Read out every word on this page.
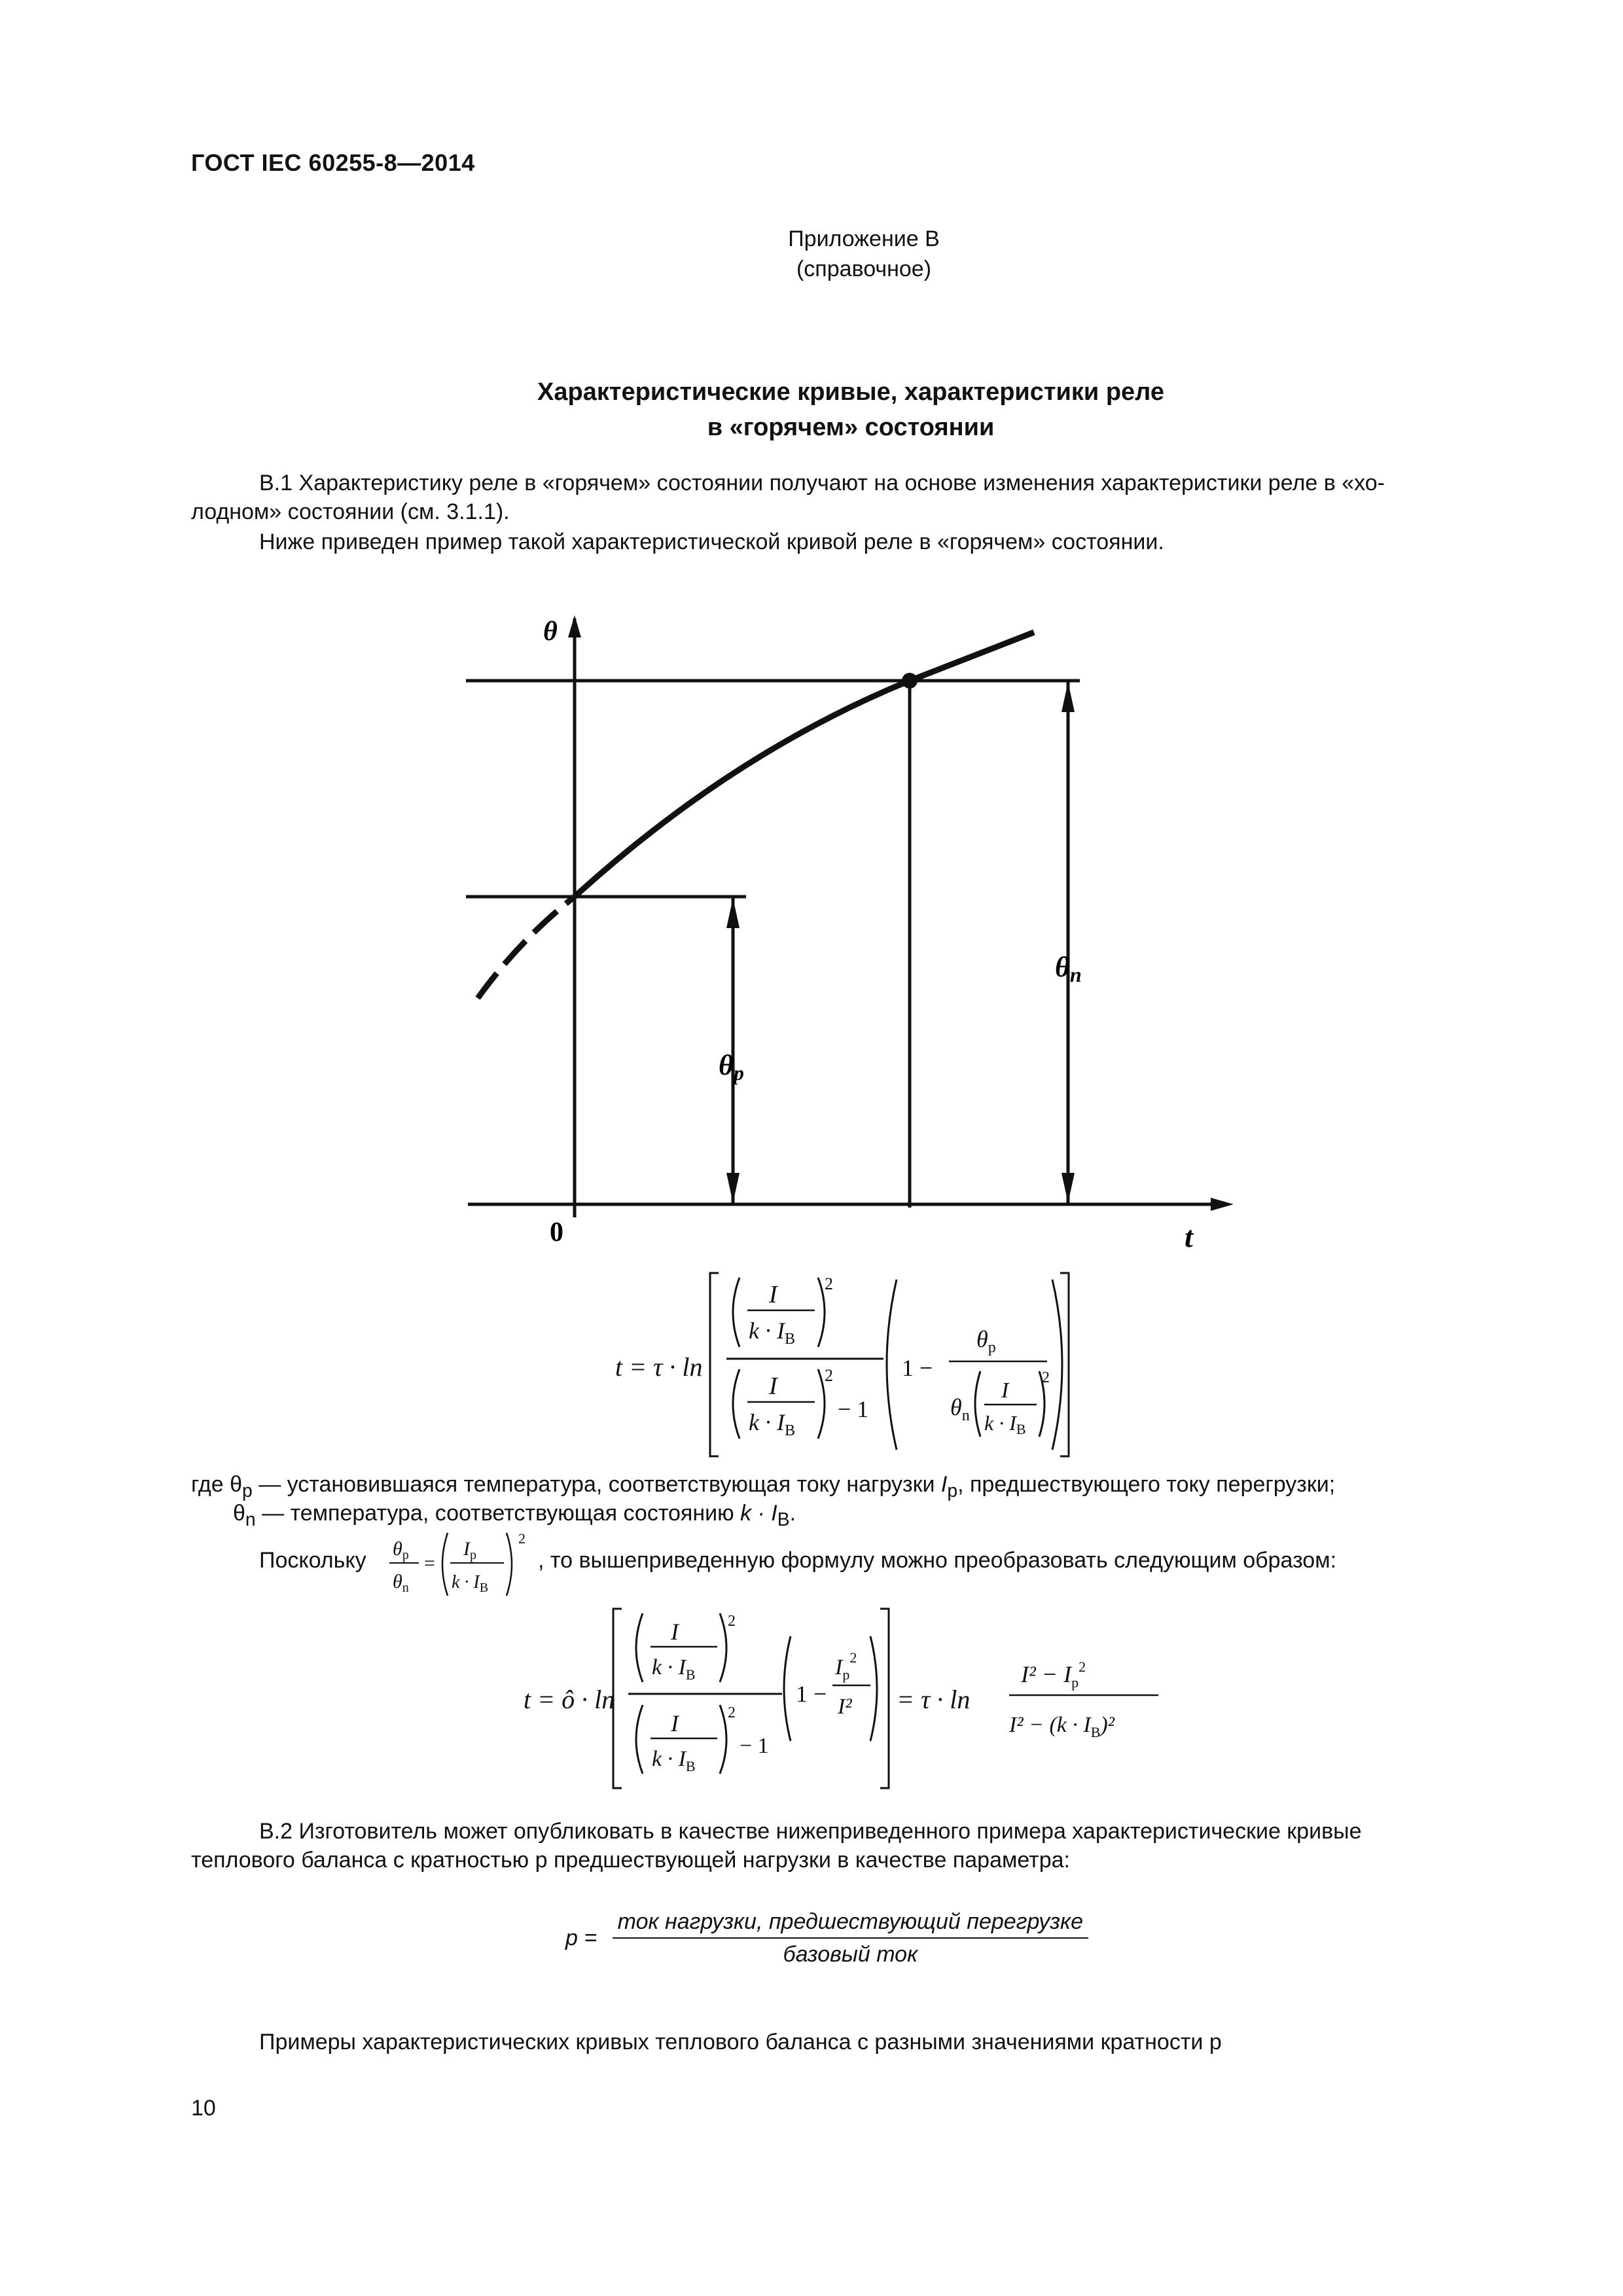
ГОСТ IEC 60255-8—2014
Приложение В
(справочное)
Характеристические кривые, характеристики реле
в «горячем» состоянии
В.1 Характеристику реле в «горячем» состоянии получают на основе изменения характеристики реле в «хо-
лодном» состоянии (см. 3.1.1).
Ниже приведен пример такой характеристической кривой реле в «горячем» состоянии.
θ
t
0
θp
θn
t = τ · ln
I
$k \cdot I_B$
2
I
$k \cdot I_B$
2
− 1
1 −
$\theta_p$
$\theta_n$
I
k · IB
2
где $\theta_p$ — установившаяся температура, соответствующая току нагрузки $I_p$, предшествующего току перегрузки;
$\theta_n$ — температура, соответствующая состоянию $k \cdot I_B$.
Поскольку $\theta_p$
$\theta_n$
=
$I_p$
$k \cdot I_B$
2
, то вышеприведенную формулу можно преобразовать следующим образом:
t = ô · ln
I
$k \cdot I_B$
2
I
$k \cdot I_B$
2
− 1
1 −
$I_p^2$
I² = τ · ln
$I^2 - I_p^2$
$I^2 - (k \cdot I_B)^2$
В.2 Изготовитель может опубликовать в качестве нижеприведенного примера характеристические кривые
теплового баланса с кратностью p предшествующей нагрузки в качестве параметра:
$p = \frac{\text{ток нагрузки, предшествующий перегрузке}}{\text{базовый ток}}$
Примеры характеристических кривых теплового баланса с разными значениями кратности p
10
